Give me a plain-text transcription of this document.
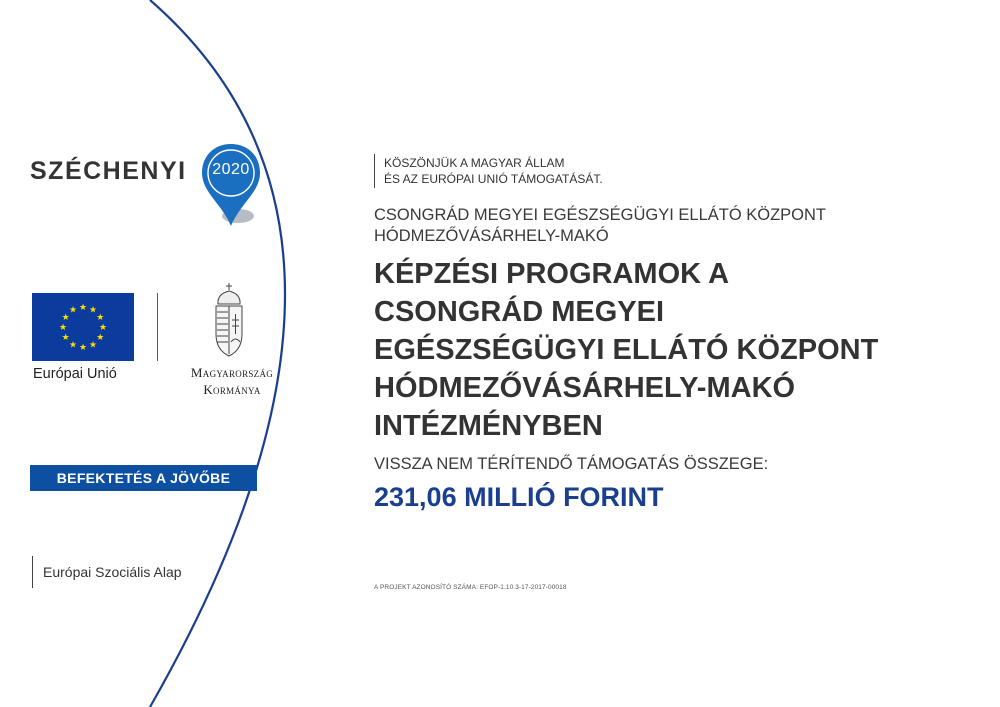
SZÉCHENYI	2020
★ ★
★
★
★
★
★
★
★
★
★
★
Európai Unió	Magyarország
Kormánya
BEFEKTETÉS A JÖVŐBE
Európai Szociális Alap
KÖSZÖNJÜK A MAGYAR ÁLLAM
ÉS AZ EURÓPAI UNIÓ TÁMOGATÁSÁT.
CSONGRÁD MEGYEI EGÉSZSÉGÜGYI ELLÁTÓ KÖZPONT
HÓDMEZŐVÁSÁRHELY-MAKÓ
KÉPZÉSI PROGRAMOK A
CSONGRÁD MEGYEI
EGÉSZSÉGÜGYI ELLÁTÓ KÖZPONT
HÓDMEZŐVÁSÁRHELY-MAKÓ
INTÉZMÉNYBEN
VISSZA NEM TÉRÍTENDŐ TÁMOGATÁS ÖSSZEGE:
231,06 MILLIÓ FORINT
A PROJEKT AZONOSÍTÓ SZÁMA: EFOP-1.10.3-17-2017-00018
